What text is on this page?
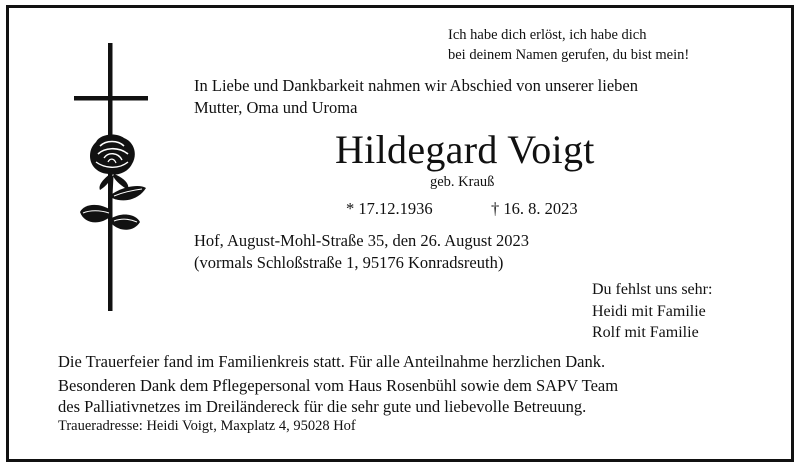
Ich habe dich erlöst, ich habe dich
bei deinem Namen gerufen, du bist mein!
In Liebe und Dankbarkeit nahmen wir Abschied von unserer lieben
Mutter, Oma und Uroma
Hildegard Voigt
geb. Krauß
* 17.12.1936	† 16. 8. 2023
Hof, August-Mohl-Straße 35, den 26. August 2023
(vormals Schloßstraße 1, 95176 Konradsreuth)
Du fehlst uns sehr:
Heidi mit Familie
Rolf mit Familie
Die Trauerfeier fand im Familienkreis statt. Für alle Anteilnahme herzlichen Dank.
Besonderen Dank dem Pflegepersonal vom Haus Rosenbühl sowie dem SAPV Team
des Palliativnetzes im Dreiländereck für die sehr gute und liebevolle Betreuung.
Traueradresse: Heidi Voigt, Maxplatz 4, 95028 Hof
